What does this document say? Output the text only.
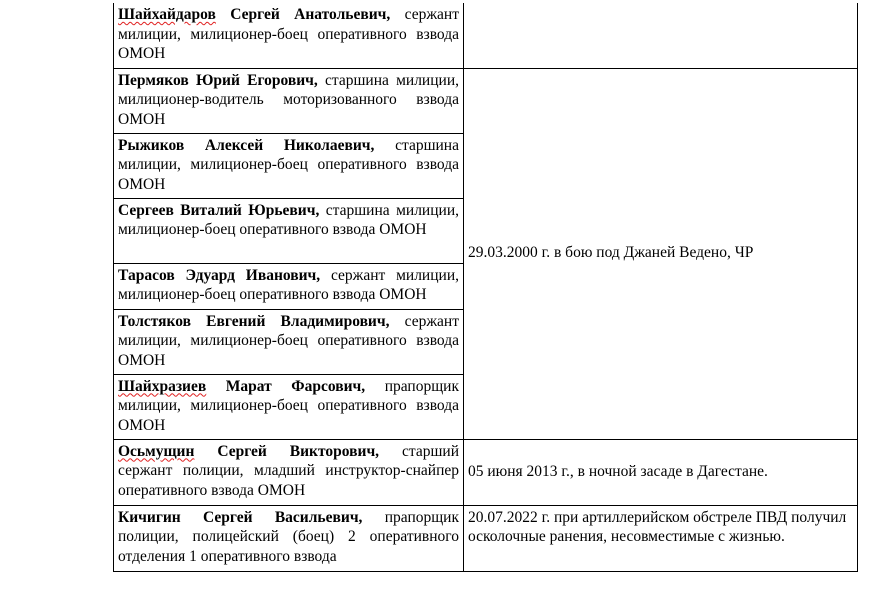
Шайхайдаров Сергей Анатольевич, сержант милиции, милиционер-боец оперативного взвода ОМОН	
Пермяков Юрий Егорович, старшина милиции, милиционер-водитель моторизованного взвода ОМОН	29.03.2000 г. в бою под Джаней Ведено, ЧР
Рыжиков Алексей Николаевич, старшина милиции, милиционер-боец оперативного взвода ОМОН	
Сергеев Виталий Юрьевич, старшина милиции, милиционер-боец оперативного взвода ОМОН	
Тарасов Эдуард Иванович, сержант милиции, милиционер-боец оперативного взвода ОМОН	
Толстяков Евгений Владимирович, сержант милиции, милиционер-боец оперативного взвода ОМОН	
Шайхразиев Марат Фарсович, прапорщик милиции, милиционер-боец оперативного взвода ОМОН	
Осьмущин Сергей Викторович, старший сержант полиции, младший инструктор-снайпер оперативного взвода ОМОН	05 июня 2013 г., в ночной засаде в Дагестане.
Кичигин Сергей Васильевич, прапорщик полиции, полицейский (боец) 2 оперативного отделения 1 оперативного взвода	20.07.2022 г. при артиллерийском обстреле ПВД получил осколочные ранения, несовместимые с жизнью.
